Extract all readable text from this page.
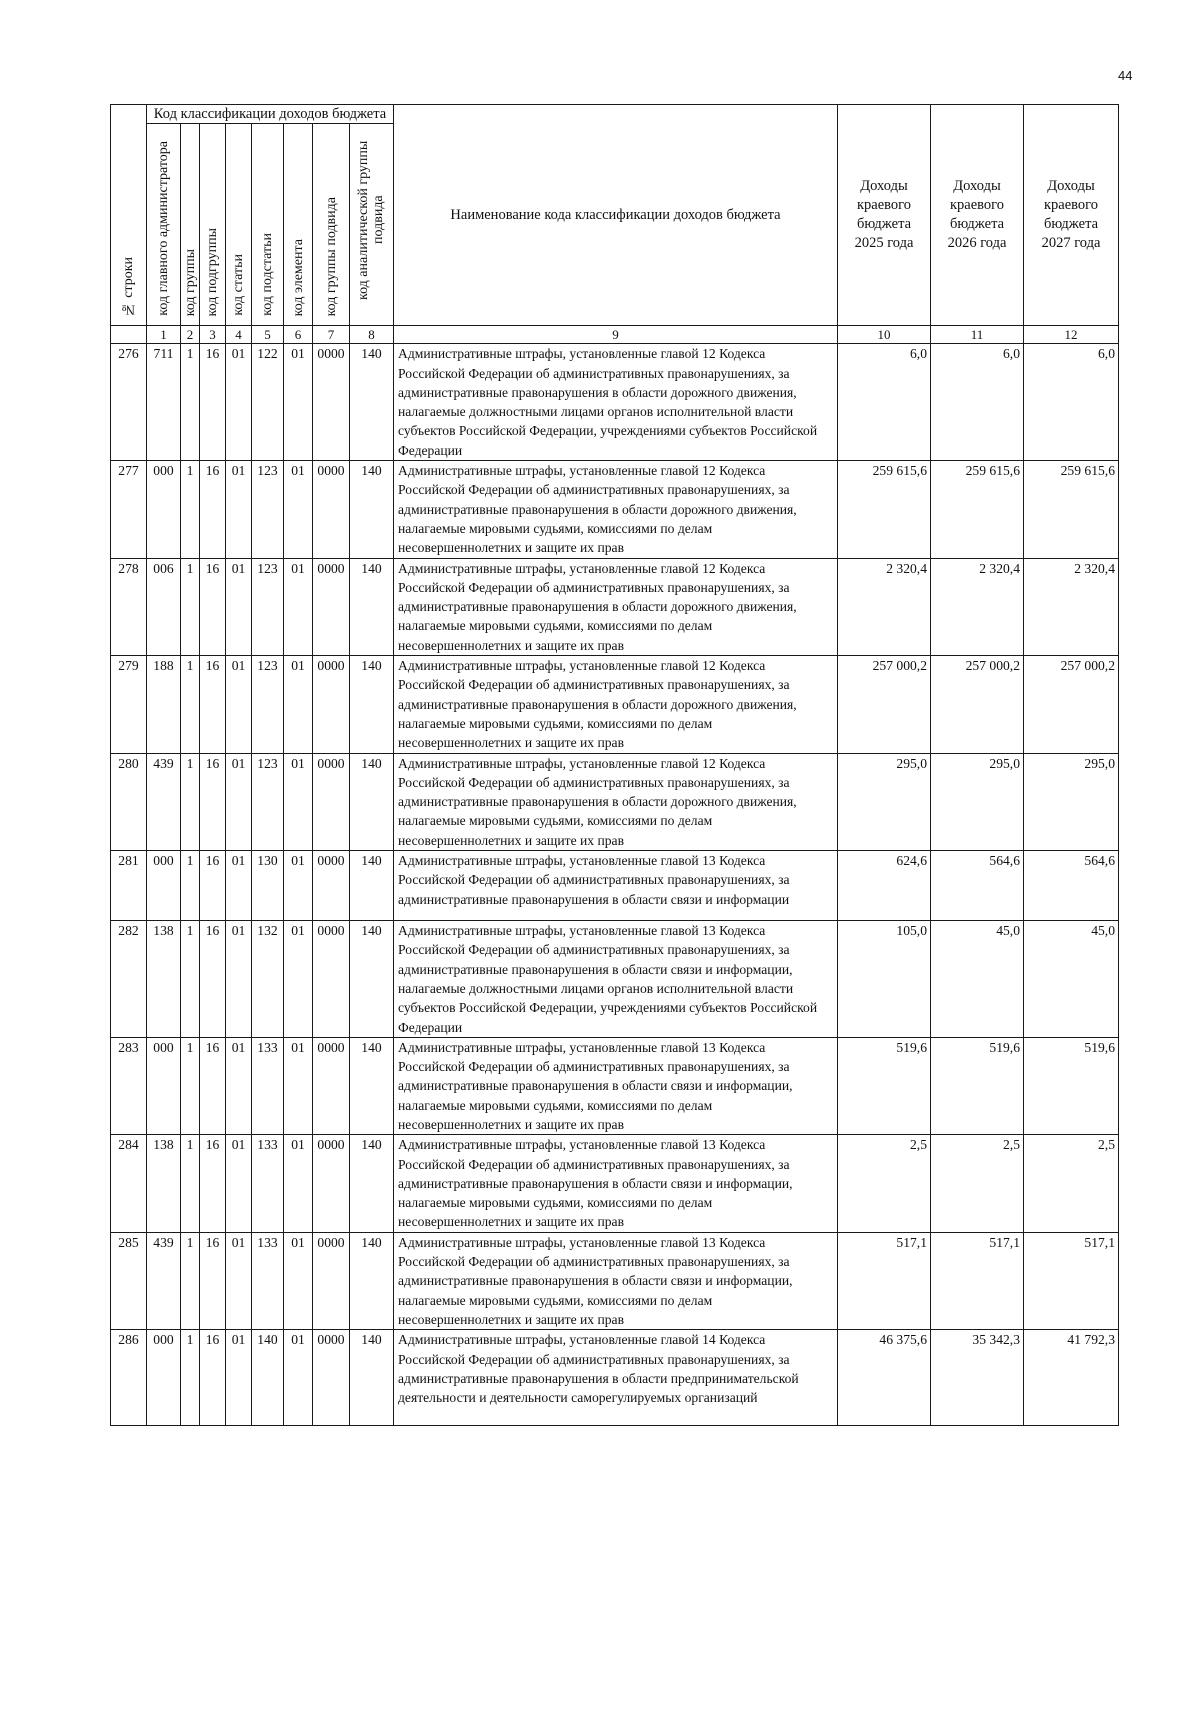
44
№ строки	Код классификации доходов бюджета								Наименование кода классификации доходов бюджета	Доходы
краевого
бюджета
2025 года	Доходы
краевого
бюджета
2026 года	Доходы
краевого
бюджета
2027 года
	код главного администратора	код группы	код подгруппы	код статьи	код подстатьи	код элемента	код группы подвида	код аналитической группы подвида				
	1	2	3	4	5	6	7	8	9	10	11	12
276	711	1	16	01	122	01	0000	140	Административные штрафы, установленные главой 12 Кодекса Российской Федерации об административных правонарушениях, за административные правонарушения в области дорожного движения, налагаемые должностными лицами органов исполнительной власти субъектов Российской Федерации, учреждениями субъектов Российской Федерации	6,0	6,0	6,0
277	000	1	16	01	123	01	0000	140	Административные штрафы, установленные главой 12 Кодекса Российской Федерации об административных правонарушениях, за административные правонарушения в области дорожного движения, налагаемые мировыми судьями, комиссиями по делам несовершеннолетних и защите их прав	259 615,6	259 615,6	259 615,6
278	006	1	16	01	123	01	0000	140	Административные штрафы, установленные главой 12 Кодекса Российской Федерации об административных правонарушениях, за административные правонарушения в области дорожного движения, налагаемые мировыми судьями, комиссиями по делам несовершеннолетних и защите их прав	2 320,4	2 320,4	2 320,4
279	188	1	16	01	123	01	0000	140	Административные штрафы, установленные главой 12 Кодекса Российской Федерации об административных правонарушениях, за административные правонарушения в области дорожного движения, налагаемые мировыми судьями, комиссиями по делам несовершеннолетних и защите их прав	257 000,2	257 000,2	257 000,2
280	439	1	16	01	123	01	0000	140	Административные штрафы, установленные главой 12 Кодекса Российской Федерации об административных правонарушениях, за административные правонарушения в области дорожного движения, налагаемые мировыми судьями, комиссиями по делам несовершеннолетних и защите их прав	295,0	295,0	295,0
281	000	1	16	01	130	01	0000	140	Административные штрафы, установленные главой 13 Кодекса Российской Федерации об административных правонарушениях, за административные правонарушения в области связи и информации	624,6	564,6	564,6
282	138	1	16	01	132	01	0000	140	Административные штрафы, установленные главой 13 Кодекса Российской Федерации об административных правонарушениях, за административные правонарушения в области связи и информации, налагаемые должностными лицами органов исполнительной власти субъектов Российской Федерации, учреждениями субъектов Российской Федерации	105,0	45,0	45,0
283	000	1	16	01	133	01	0000	140	Административные штрафы, установленные главой 13 Кодекса Российской Федерации об административных правонарушениях, за административные правонарушения в области связи и информации, налагаемые мировыми судьями, комиссиями по делам несовершеннолетних и защите их прав	519,6	519,6	519,6
284	138	1	16	01	133	01	0000	140	Административные штрафы, установленные главой 13 Кодекса Российской Федерации об административных правонарушениях, за административные правонарушения в области связи и информации, налагаемые мировыми судьями, комиссиями по делам несовершеннолетних и защите их прав	2,5	2,5	2,5
285	439	1	16	01	133	01	0000	140	Административные штрафы, установленные главой 13 Кодекса Российской Федерации об административных правонарушениях, за административные правонарушения в области связи и информации, налагаемые мировыми судьями, комиссиями по делам несовершеннолетних и защите их прав	517,1	517,1	517,1
286	000	1	16	01	140	01	0000	140	Административные штрафы, установленные главой 14 Кодекса Российской Федерации об административных правонарушениях, за административные правонарушения в области предпринимательской деятельности и деятельности саморегулируемых организаций	46 375,6	35 342,3	41 792,3
